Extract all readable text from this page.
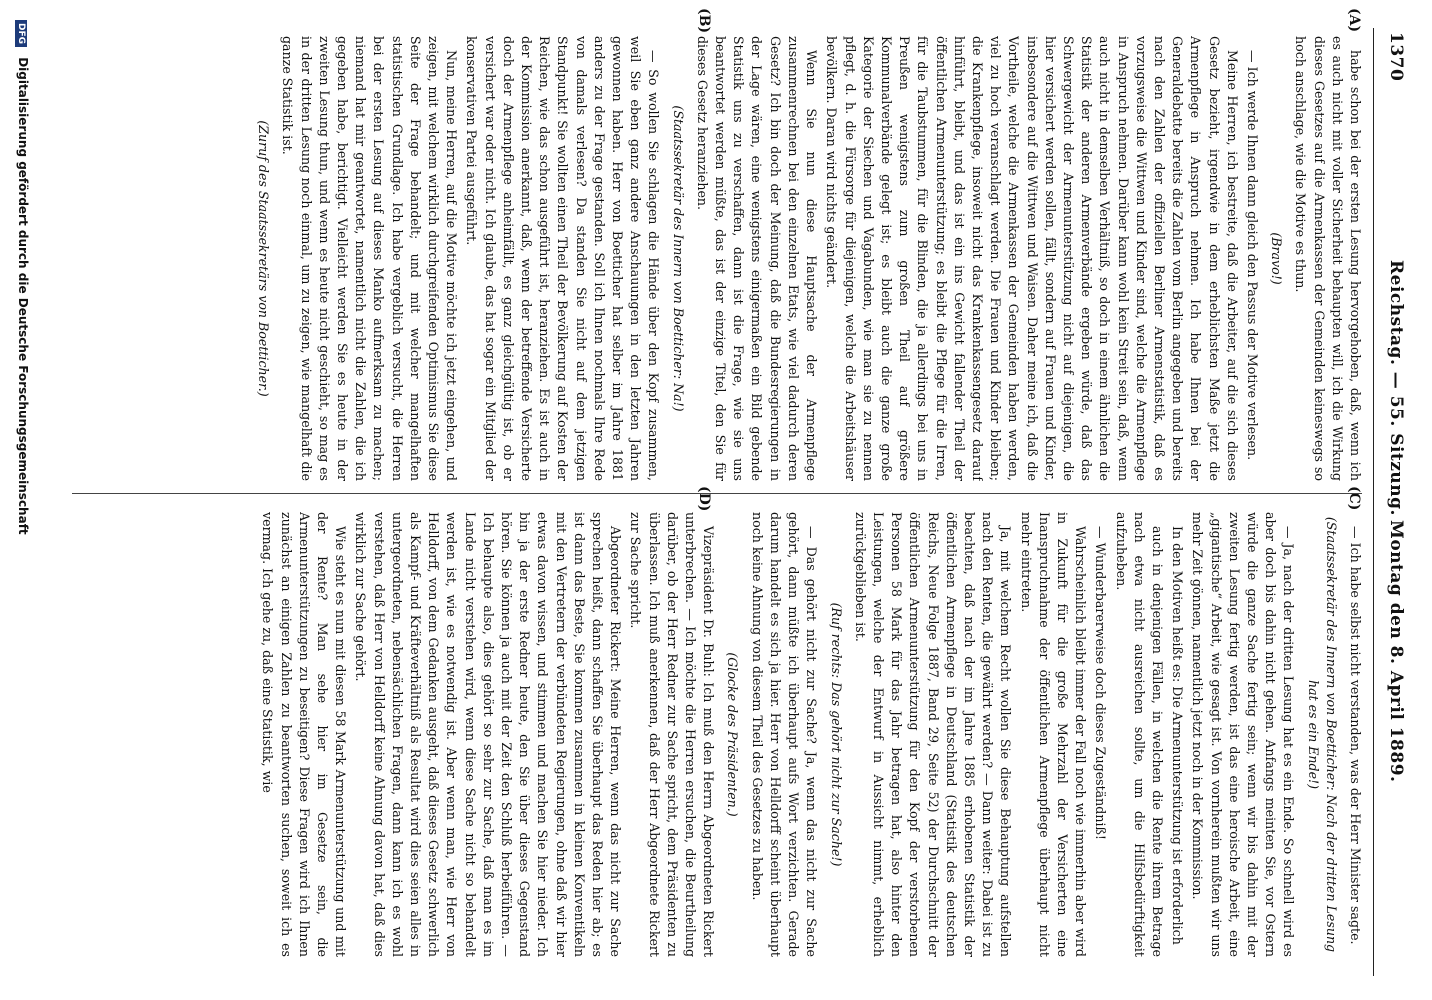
1370
Reichstag. — 55. Sitzung.
Montag den 8. April 1889.
(A)
(B)
(C)
(D)

habe schon bei der ersten Lesung hervorgehoben, daß, wenn ich es auch nicht mit voller Sicherheit behaupten will, ich die Wirkung dieses Gesetzes auf die Armenkassen der Gemeinden keineswegs so hoch anschlage, wie die Motive es thun.

(Bravo!)

— Ich werde Ihnen dann gleich den Passus der Motive verlesen.

Meine Herren, ich bestreite, daß die Arbeiter, auf die sich dieses Gesetz bezieht, irgendwie in dem erheblichsten Maße jetzt die Armenpflege in Anspruch nehmen. Ich habe Ihnen bei der Generaldebatte bereits die Zahlen vom Berlin angegeben und bereits nach den Zahlen der offiziellen Berliner Armenstatistik, daß es vorzugsweise die Wittwen und Kinder sind, welche die Armenpflege in Anspruch nehmen. Darüber kann wohl kein Streit sein, daß, wenn auch nicht in demselben Verhältniß, so doch in einem ähnlichen die Statistik der anderen Armenverbände ergeben würde, daß das Schwergewicht der Armenunterstützung nicht auf diejenigen, die hier versichert werden sollen, fällt, sondern auf Frauen und Kinder, insbesondere auf die Wittwen und Waisen. Daher meine ich, daß die Vortheile, welche die Armenkassen der Gemeinden haben werden, viel zu hoch veranschlagt werden. Die Frauen und Kinder bleiben; die Krankenpflege, insoweit nicht das Krankenkassengesetz darauf hinführt, bleibt, und das ist ein ins Gewicht fallender Theil der öffentlichen Armenunterstützung; es bleibt die Pflege für die Irren, für die Taubstummen, für die Blinden, die ja allerdings bei uns in Preußen wenigstens zum großen Theil auf größere Kommunalverbände gelegt ist; es bleibt auch die ganze große Kategorie der Siechen und Vagabunden, wie man sie zu nennen pflegt, d. h. die Fürsorge für diejenigen, welche die Arbeitshäuser bevölkern. Daran wird nichts geändert.

Wenn Sie nun diese Hauptsache der Armenpflege zusammenrechnen bei den einzelnen Etats, wie viel dadurch deren Gesetz? Ich bin doch der Meinung, daß die Bundesregierungen in der Lage wären, eine wenigstens einigermaßen ein Bild gebende Statistik uns zu verschaffen, dann ist die Frage, wie sie uns beantwortet werden müßte, das ist der einzige Titel, den Sie für dieses Gesetz heranziehen.

(Staatssekretär des Innern von Boetticher: Na!)

— So wollen Sie schlagen die Hände über den Kopf zusammen, weil Sie eben ganz andere Anschauungen in den letzten Jahren gewonnen haben. Herr von Boetticher hat selber im Jahre 1881 anders zu der Frage gestanden. Soll ich Ihnen nochmals Ihre Rede von damals verlesen? Da standen Sie nicht auf dem jetzigen Standpunkt! Sie wollten einen Theil der Bevölkerung auf Kosten der Reichen, wie das schon ausgeführt ist, heranziehen. Es ist auch in der Kommission anerkannt, daß, wenn der betreffende Versicherte doch der Armenpflege anheimfällt, es ganz gleichgültig ist, ob er versichert war oder nicht. Ich glaube, das hat sogar ein Mitglied der konservativen Partei ausgeführt.

Nun, meine Herren, auf die Motive möchte ich jetzt eingehen, und zeigen, mit welchem wirklich durchgreifenden Optimismus Sie diese Seite der Frage behandelt; und mit welcher mangelhaften statistischen Grundlage. Ich habe vergeblich versucht, die Herren bei der ersten Lesung auf dieses Manko aufmerksam zu machen; niemand hat mir geantwortet, namentlich nicht die Zahlen, die ich gegeben habe, berichtigt. Vielleicht werden Sie es heute in der zweiten Lesung thun, und wenn es heute nicht geschieht, so mag es in der dritten Lesung noch einmal, um zu zeigen, wie mangelhaft die ganze Statistik ist.

(Zuruf des Staatssekretärs von Boetticher.)

— Ich habe selbst nicht verstanden, was der Herr Minister sagte.

(Staatssekretär des Innern von Boetticher: Nach der dritten Lesung hat es ein Ende!)

— Ja, nach der dritten Lesung hat es ein Ende. So schnell wird es aber doch bis dahin nicht gehen. Anfangs meinten Sie, vor Ostern würde die ganze Sache fertig sein; wenn wir bis dahin mit der zweiten Lesung fertig werden, ist das eine heroische Arbeit, eine „gigantische“ Arbeit, wie gesagt ist. Von vornherein mußten wir uns mehr Zeit gönnen, namentlich jetzt noch in der Kommission.

In den Motiven heißt es: Die Armenunterstützung ist erforderlich

auch in denjenigen Fällen, in welchen die Rente ihrem Betrage nach etwa nicht ausreichen sollte, um die Hilfsbedürftigkeit aufzuheben.

— Wunderbarerweise doch dieses Zugeständniß!

Wahrscheinlich bleibt immer der Fall noch wie immerhin aber wird in Zukunft für die große Mehrzahl der Versicherten eine Inanspruchnahme der öffentlichen Armenpflege überhaupt nicht mehr eintreten.

Ja, mit welchem Recht wollen Sie diese Behauptung aufstellen nach den Renten, die gewährt werden? — Dann weiter: Dabei ist zu beachten, daß nach der im Jahre 1885 erhobenen Statistik der öffentlichen Armenpflege in Deutschland (Statistik des deutschen Reichs, Neue Folge 1887, Band 29, Seite 52) der Durchschnitt der öffentlichen Armenunterstützung für den Kopf der verstorbenen Personen 58 Mark für das Jahr betragen hat, also hinter den Leistungen, welche der Entwurf in Aussicht nimmt, erheblich zurückgeblieben ist.

(Ruf rechts: Das gehört nicht zur Sache!)

— Das gehört nicht zur Sache? Ja, wenn das nicht zur Sache gehört, dann müßte ich überhaupt aufs Wort verzichten. Gerade darum handelt es sich ja hier. Herr von Helldorff scheint überhaupt noch keine Ahnung von diesem Theil des Gesetzes zu haben.

(Glocke des Präsidenten.)

Vizepräsident Dr. Buhl: Ich muß den Herrn Abgeordneten Rickert unterbrechen. — Ich möchte die Herren ersuchen, die Beurtheilung darüber, ob der Herr Redner zur Sache spricht, dem Präsidenten zu überlassen. Ich muß anerkennen, daß der Herr Abgeordnete Rickert zur Sache spricht.

Abgeordneter Rickert: Meine Herren, wenn das nicht zur Sache sprechen heißt, dann schaffen Sie überhaupt das Reden hier ab; es ist dann das Beste, Sie kommen zusammen in kleinen Konventikeln mit den Vertretern der verbündeten Regierungen, ohne daß wir hier etwas davon wissen, und stimmen und machen Sie hier nieder. Ich bin ja der erste Redner heute, den Sie über dieses Gegenstand hören. Sie können ja auch mit der Zeit den Schluß herbeiführen. — Ich behaupte also, dies gehört so sehr zur Sache, daß man es im Lande nicht verstehen wird, wenn diese Sache nicht so behandelt werden ist, wie es notwendig ist. Aber wenn man, wie Herr von Helldorff, von dem Gedanken ausgeht, daß dieses Gesetz schwerlich als Kampf- und Kräfteverhältniß als Resultat wird dies seien alles in untergeordneten, nebensächlichen Fragen, dann kann ich es wohl verstehen, daß Herr von Helldorff keine Ahnung davon hat, daß dies wirklich zur Sache gehört.

Wie steht es nun mit diesen 58 Mark Armenunterstützung und mit der Rente? Man sehe hier im Gesetze sein, die Armenunterstützungen zu beseitigen? Diese Fragen wird ich Ihnen zunächst an einigen Zahlen zu beantworten suchen, soweit ich es vermag. Ich gehe zu, daß eine Statistik, wie

DFG Digitalisierung gefördert durch die Deutsche Forschungsgemeinschaft
